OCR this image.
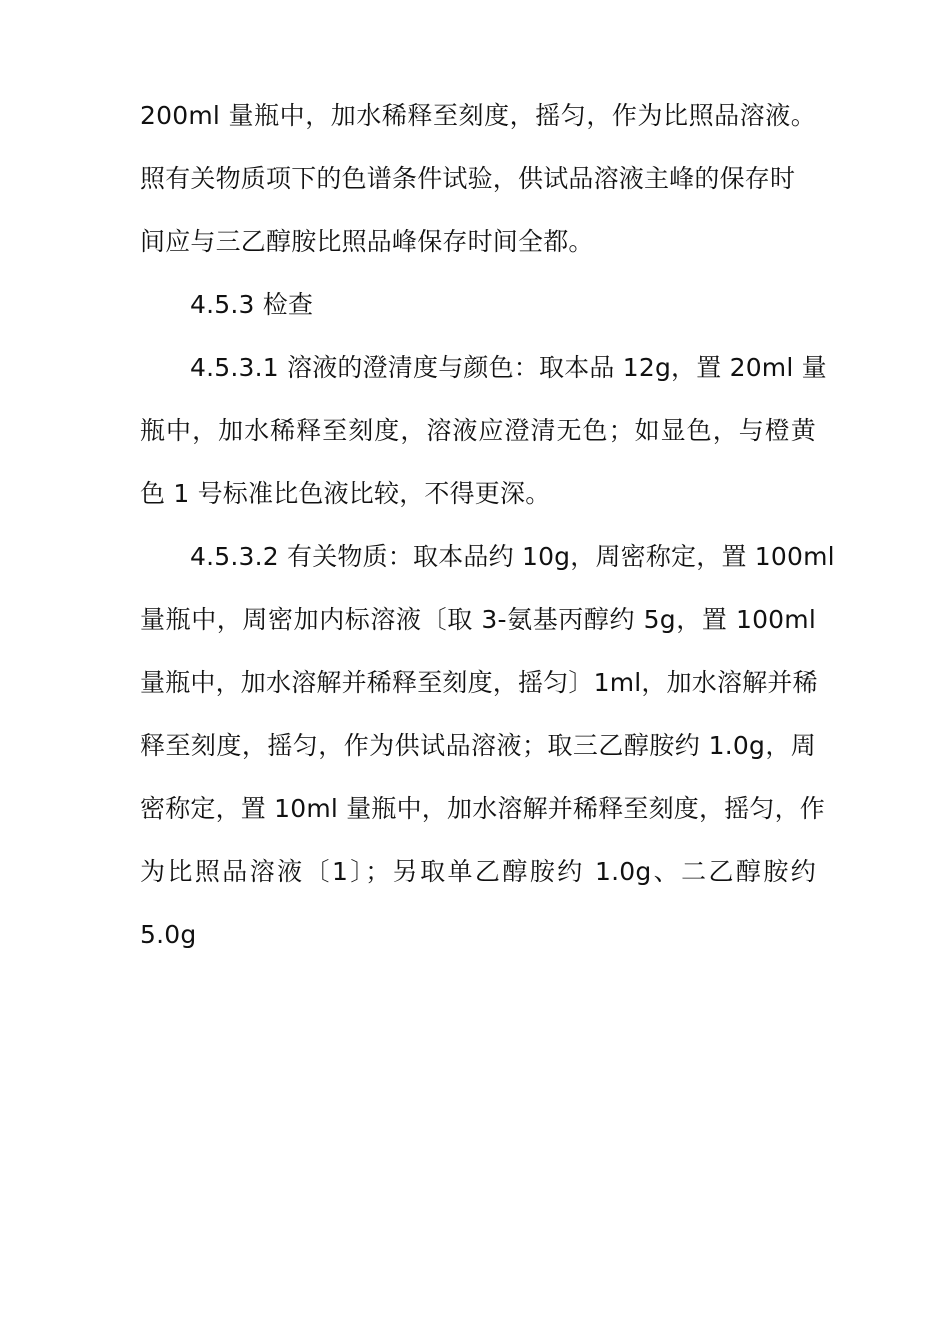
200ml 量瓶中，加水稀释至刻度，摇匀，作为比照品溶液。
照有关物质项下的色谱条件试验，供试品溶液主峰的保存时
间应与三乙醇胺比照品峰保存时间全都。
4.5.3 检查
4.5.3.1 溶液的澄清度与颜色：取本品 12g，置 20ml 量
瓶中，加水稀释至刻度，溶液应澄清无色；如显色，与橙黄
色 1 号标准比色液比较，不得更深。
4.5.3.2 有关物质：取本品约 10g，周密称定，置 100ml
量瓶中，周密加内标溶液〔取 3-氨基丙醇约 5g，置 100ml
量瓶中，加水溶解并稀释至刻度，摇匀〕1ml，加水溶解并稀
释至刻度，摇匀，作为供试品溶液；取三乙醇胺约 1.0g，周
密称定，置 10ml 量瓶中，加水溶解并稀释至刻度，摇匀，作
为比照品溶液〔1〕；另取单乙醇胺约 1.0g、二乙醇胺约
5.0g
